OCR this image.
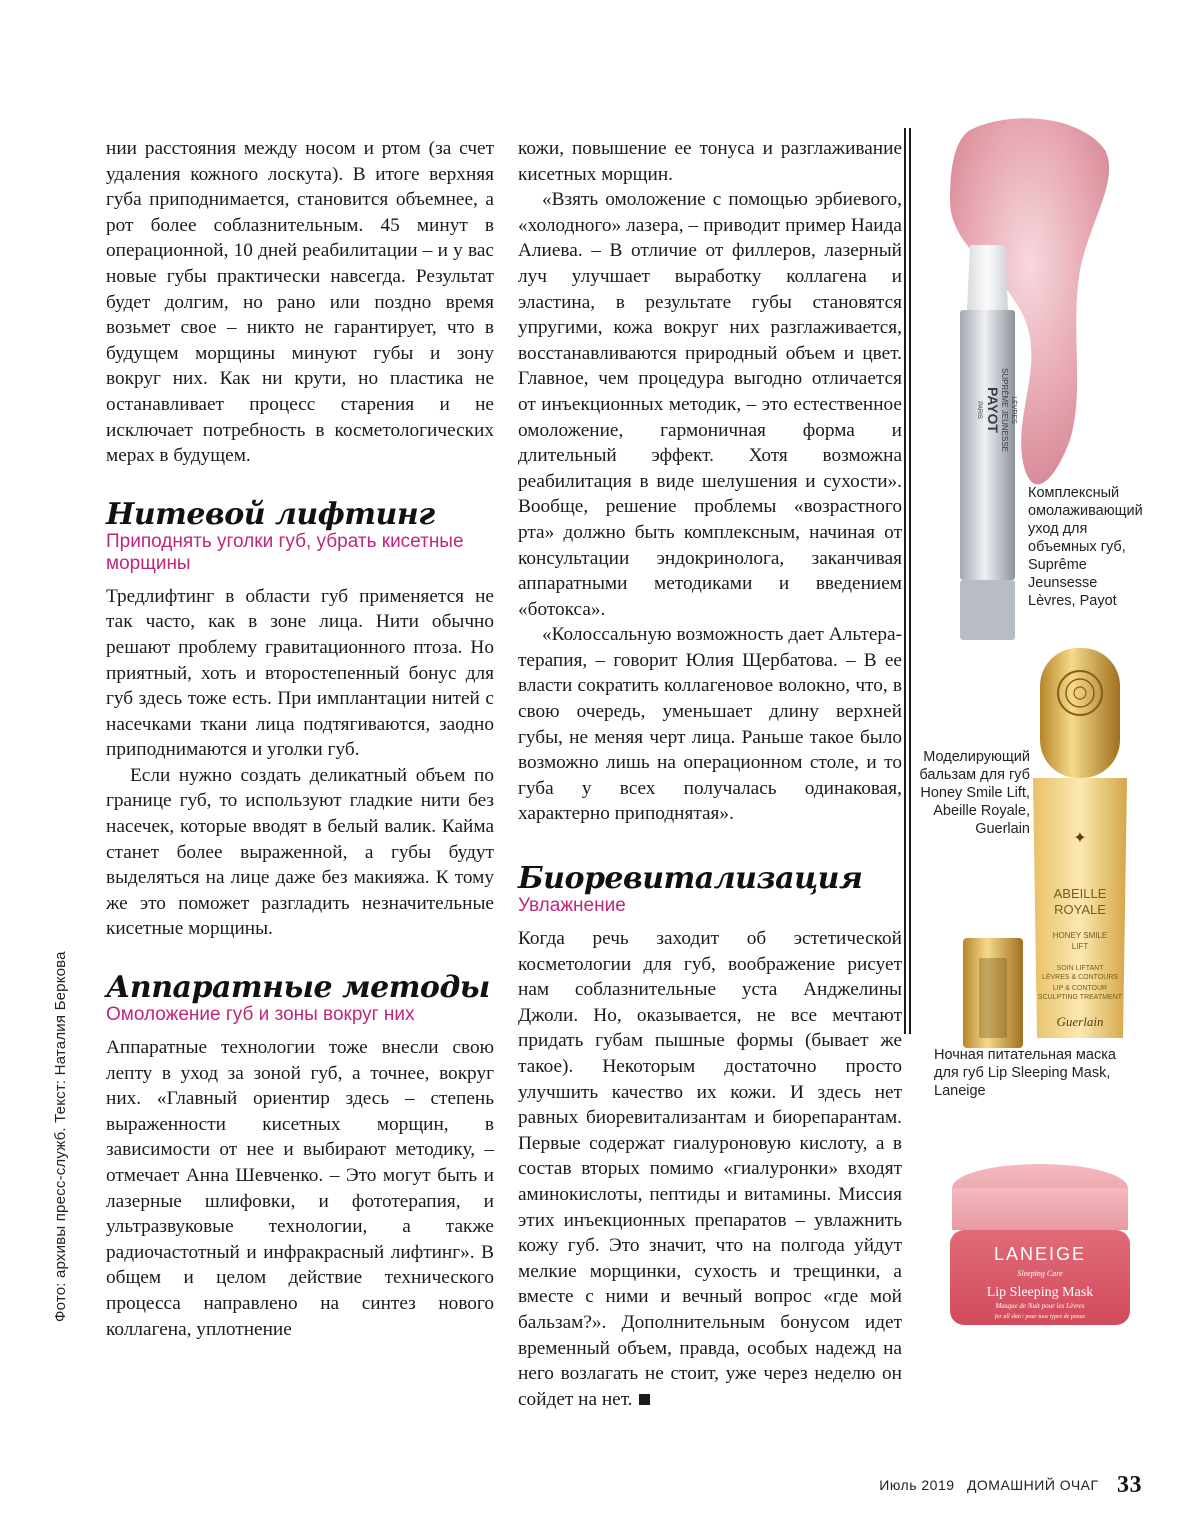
Фото: архивы пресс-служб. Текст: Наталия Беркова

нии расстояния между носом и ртом (за счет удаления кожного лоскута). В итоге верхняя губа приподнимается, становится объемнее, а рот более соблазнительным. 45 минут в операционной, 10 дней реабилитации – и у вас новые губы практически навсегда. Результат будет долгим, но рано или поздно время возьмет свое – никто не гарантирует, что в будущем морщины минуют губы и зону вокруг них. Как ни крути, но пластика не останавливает процесс старения и не исключает потребность в косметологических мерах в будущем.

Нитевой лифтинг
Приподнять уголки губ, убрать кисетные морщины

Тредлифтинг в области губ применяется не так часто, как в зоне лица. Нити обычно решают проблему гравитационного птоза. Но приятный, хоть и второстепенный бонус для губ здесь тоже есть. При имплантации нитей с насечками ткани лица подтягиваются, заодно приподнимаются и уголки губ.

Если нужно создать деликатный объем по границе губ, то используют гладкие нити без насечек, которые вводят в белый валик. Кайма станет более выраженной, а губы будут выделяться на лице даже без макияжа. К тому же это поможет разгладить незначительные кисетные морщины.

Аппаратные методы
Омоложение губ и зоны вокруг них

Аппаратные технологии тоже внесли свою лепту в уход за зоной губ, а точнее, вокруг них. «Главный ориентир здесь – степень выраженности кисетных морщин, в зависимости от нее и выбирают методику, – отмечает Анна Шевченко. – Это могут быть и лазерные шлифовки, и фототерапия, и ультразвуковые технологии, а также радиочастотный и инфракрасный лифтинг». В общем и целом действие технического процесса направлено на синтез нового коллагена, уплотнение

кожи, повышение ее тонуса и разглаживание кисетных морщин.

«Взять омоложение с помощью эрбиевого, «холодного» лазера, – приводит пример Наида Алиева. – В отличие от филлеров, лазерный луч улучшает выработку коллагена и эластина, в результате губы становятся упругими, кожа вокруг них разглаживается, восстанавливаются природный объем и цвет. Главное, чем процедура выгодно отличается от инъекционных методик, – это естественное омоложение, гармоничная форма и длительный эффект. Хотя возможна реабилитация в виде шелушения и сухости». Вообще, решение проблемы «возрастного рта» должно быть комплексным, начиная от консультации эндокринолога, заканчивая аппаратными методиками и введением «ботокса».

«Колоссальную возможность дает Альтера-терапия, – говорит Юлия Щербатова. – В ее власти сократить коллагеновое волокно, что, в свою очередь, уменьшает длину верхней губы, не меняя черт лица. Раньше такое было возможно лишь на операционном столе, и то губа у всех получалась одинаковая, характерно приподнятая».

Биоревитализация
Увлажнение

Когда речь заходит об эстетической косметологии для губ, воображение рисует нам соблазнительные уста Анджелины Джоли. Но, оказывается, не все мечтают придать губам пышные формы (бывает же такое). Некоторым достаточно просто улучшить качество их кожи. И здесь нет равных биоревитализантам и биорепарантам. Первые содержат гиалуроновую кислоту, а в состав вторых помимо «гиалуронки» входят аминокислоты, пептиды и витамины. Миссия этих инъекционных препаратов – увлажнить кожу губ. Это значит, что на полгода уйдут мелкие морщинки, сухость и трещинки, а вместе с ними и вечный вопрос «где мой бальзам?». Дополнительным бонусом идет временный объем, правда, особых надежд на него возлагать не стоит, уже через неделю он сойдет на нет.

PAYOT
PARIS SUPRÊME JEUNESSE LÈVRES
Комплексный омолаживающий уход для объемных губ, Suprême Jeunsesse Lèvres, Payot
✦
ABEILLE
ROYALE
HONEY SMILE
LIFT
SOIN LIFTANT
LÈVRES & CONTOURS
LIP & CONTOUR
SCULPTING TREATMENT
Guerlain
Моделирующий бальзам для губ Honey Smile Lift, Abeille Royale, Guerlain
LANEIGE
Sleeping Care
Lip Sleeping Mask
Masque de Nuit pour les Lèvres
for all skin / pour tous types de peaux
Ночная питательная маска для губ Lip Sleeping Mask, Laneige
Июль 2019 ДОМАШНИЙ ОЧАГ 33
